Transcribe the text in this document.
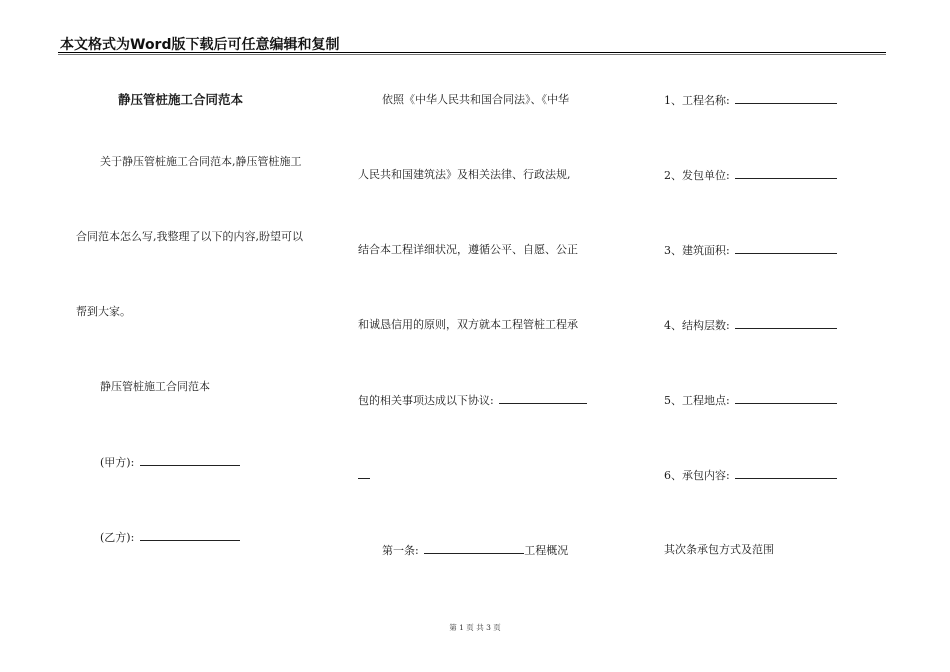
本文格式为Word版下载后可任意编辑和复制
静压管桩施工合同范本
关于静压管桩施工合同范本,静压管桩施工
合同范本怎么写,我整理了以下的内容,盼望可以
帮到大家。
静压管桩施工合同范本
(甲方):
(乙方):
依照《中华人民共和国合同法》、《中华
人民共和国建筑法》及相关法律、行政法规,
结合本工程详细状况，遵循公平、自愿、公正
和诚恳信用的原则，双方就本工程管桩工程承
包的相关事项达成以下协议:
第一条:	工程概况
1、工程名称:
2、发包单位:
3、建筑面积:
4、结构层数:
5、工程地点:
6、承包内容:
其次条承包方式及范围
第 1 页 共 3 页
